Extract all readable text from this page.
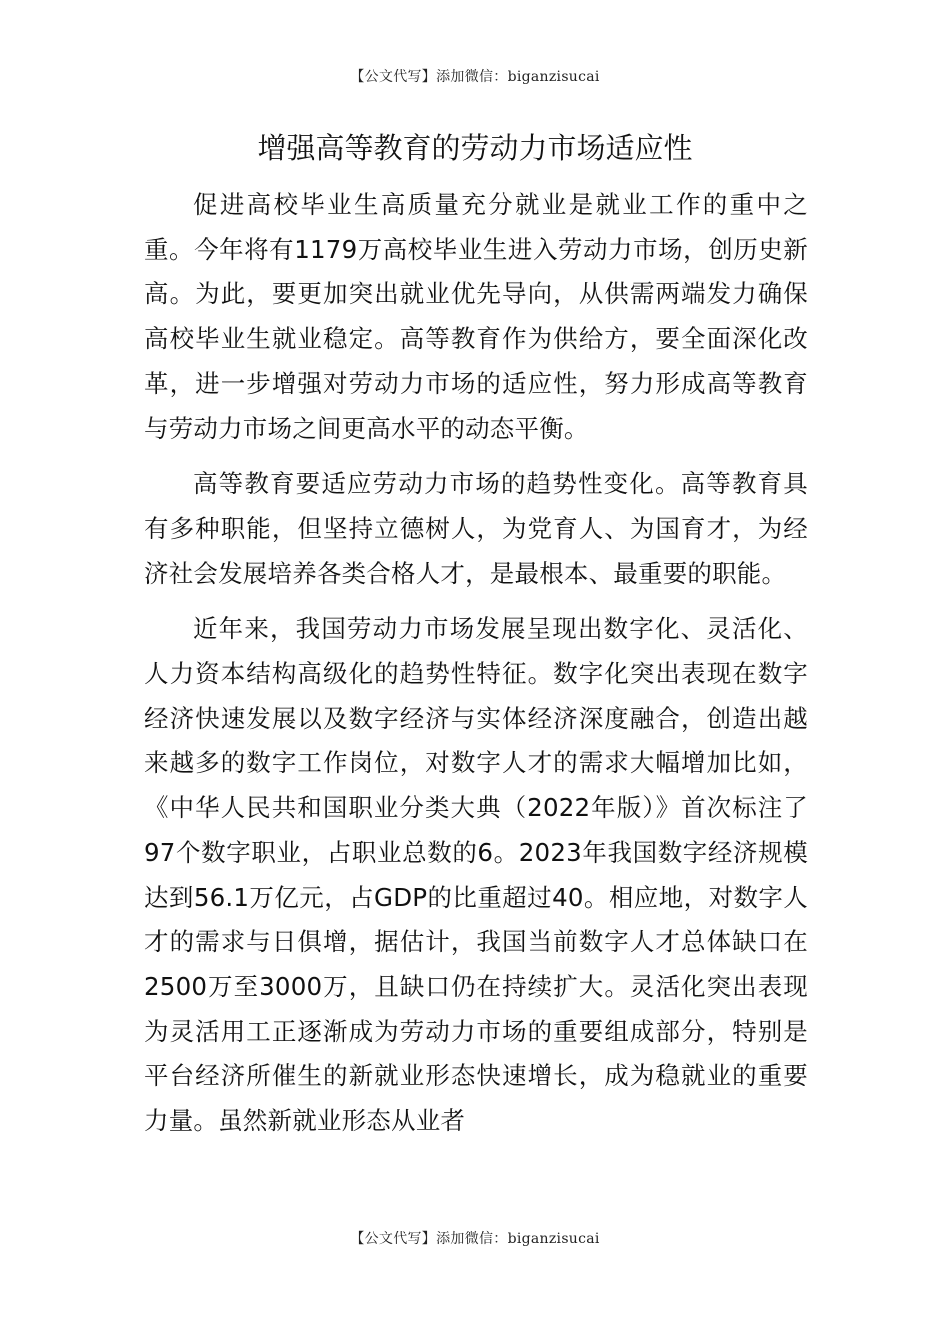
【公文代写】添加微信：biganzisucai
增强高等教育的劳动力市场适应性

促进高校毕业生高质量充分就业是就业工作的重中之重。今年将有1179万高校毕业生进入劳动力市场，创历史新高。为此，要更加突出就业优先导向，从供需两端发力确保高校毕业生就业稳定。高等教育作为供给方，要全面深化改革，进一步增强对劳动力市场的适应性，努力形成高等教育与劳动力市场之间更高水平的动态平衡。

高等教育要适应劳动力市场的趋势性变化。高等教育具有多种职能，但坚持立德树人，为党育人、为国育才，为经济社会发展培养各类合格人才，是最根本、最重要的职能。

近年来，我国劳动力市场发展呈现出数字化、灵活化、人力资本结构高级化的趋势性特征。数字化突出表现在数字经济快速发展以及数字经济与实体经济深度融合，创造出越来越多的数字工作岗位，对数字人才的需求大幅增加比如，《中华人民共和国职业分类大典（2022年版）》首次标注了97个数字职业，占职业总数的6。2023年我国数字经济规模达到56.1万亿元，占GDP的比重超过40。相应地，对数字人才的需求与日俱增，据估计，我国当前数字人才总体缺口在2500万至3000万，且缺口仍在持续扩大。灵活化突出表现为灵活用工正逐渐成为劳动力市场的重要组成部分，特别是平台经济所催生的新就业形态快速增长，成为稳就业的重要力量。虽然新就业形态从业者

【公文代写】添加微信：biganzisucai
